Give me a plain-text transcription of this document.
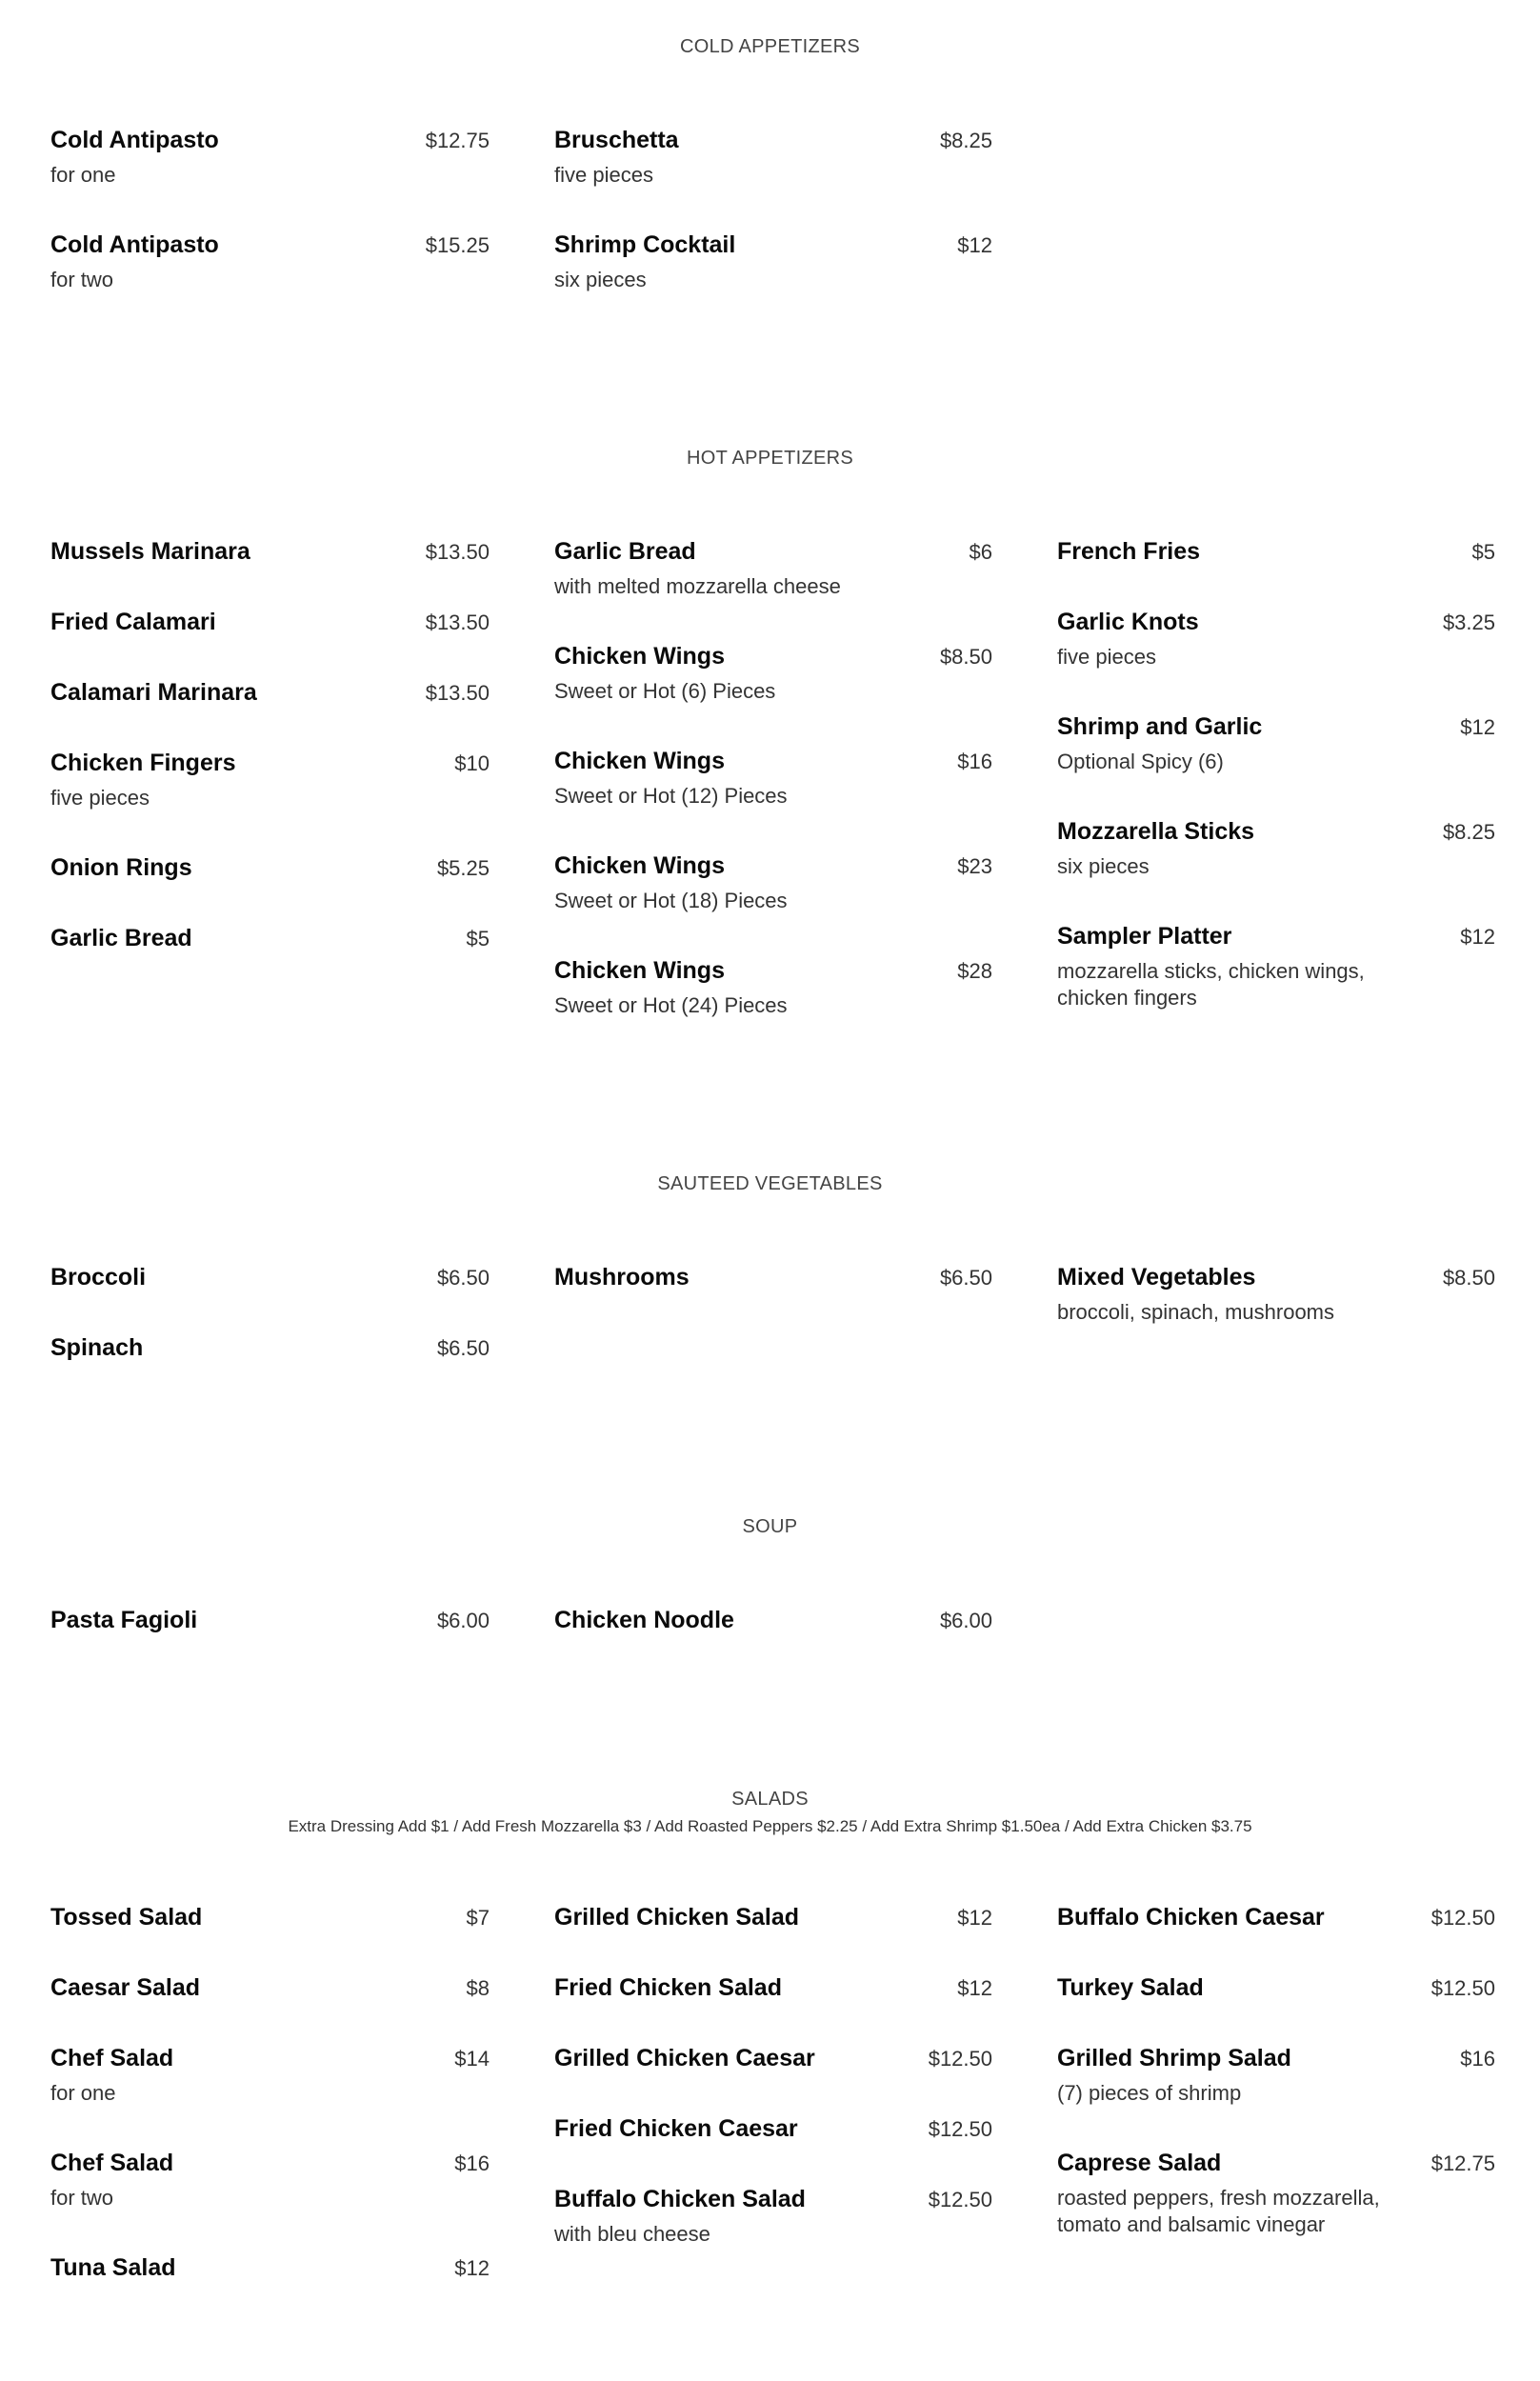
COLD APPETIZERS
Cold Antipasto	$12.75
for one
Cold Antipasto	$15.25
for two
Bruschetta	$8.25
five pieces
Shrimp Cocktail	$12
six pieces
HOT APPETIZERS
Mussels Marinara	$13.50
Fried Calamari	$13.50
Calamari Marinara	$13.50
Chicken Fingers	$10
five pieces
Onion Rings	$5.25
Garlic Bread	$5
Garlic Bread	$6
with melted mozzarella cheese
Chicken Wings	$8.50
Sweet or Hot (6) Pieces
Chicken Wings	$16
Sweet or Hot (12) Pieces
Chicken Wings	$23
Sweet or Hot (18) Pieces
Chicken Wings	$28
Sweet or Hot (24) Pieces
French Fries	$5
Garlic Knots	$3.25
five pieces
Shrimp and Garlic	$12
Optional Spicy (6)
Mozzarella Sticks	$8.25
six pieces
Sampler Platter	$12
mozzarella sticks, chicken wings, chicken fingers
SAUTEED VEGETABLES
Broccoli	$6.50
Spinach	$6.50
Mushrooms	$6.50	Mixed Vegetables	$8.50
broccoli, spinach, mushrooms
SOUP
Pasta Fagioli	$6.00	Chicken Noodle	$6.00
SALADS
Extra Dressing Add $1 / Add Fresh Mozzarella $3 / Add Roasted Peppers $2.25 / Add Extra Shrimp $1.50ea / Add Extra Chicken $3.75
Tossed Salad	$7
Caesar Salad	$8
Chef Salad	$14
for one
Chef Salad	$16
for two
Tuna Salad	$12
Grilled Chicken Salad	$12
Fried Chicken Salad	$12
Grilled Chicken Caesar	$12.50
Fried Chicken Caesar	$12.50
Buffalo Chicken Salad	$12.50
with bleu cheese
Buffalo Chicken Caesar	$12.50
Turkey Salad	$12.50
Grilled Shrimp Salad	$16
(7) pieces of shrimp
Caprese Salad	$12.75
roasted peppers, fresh mozzarella, tomato and balsamic vinegar
